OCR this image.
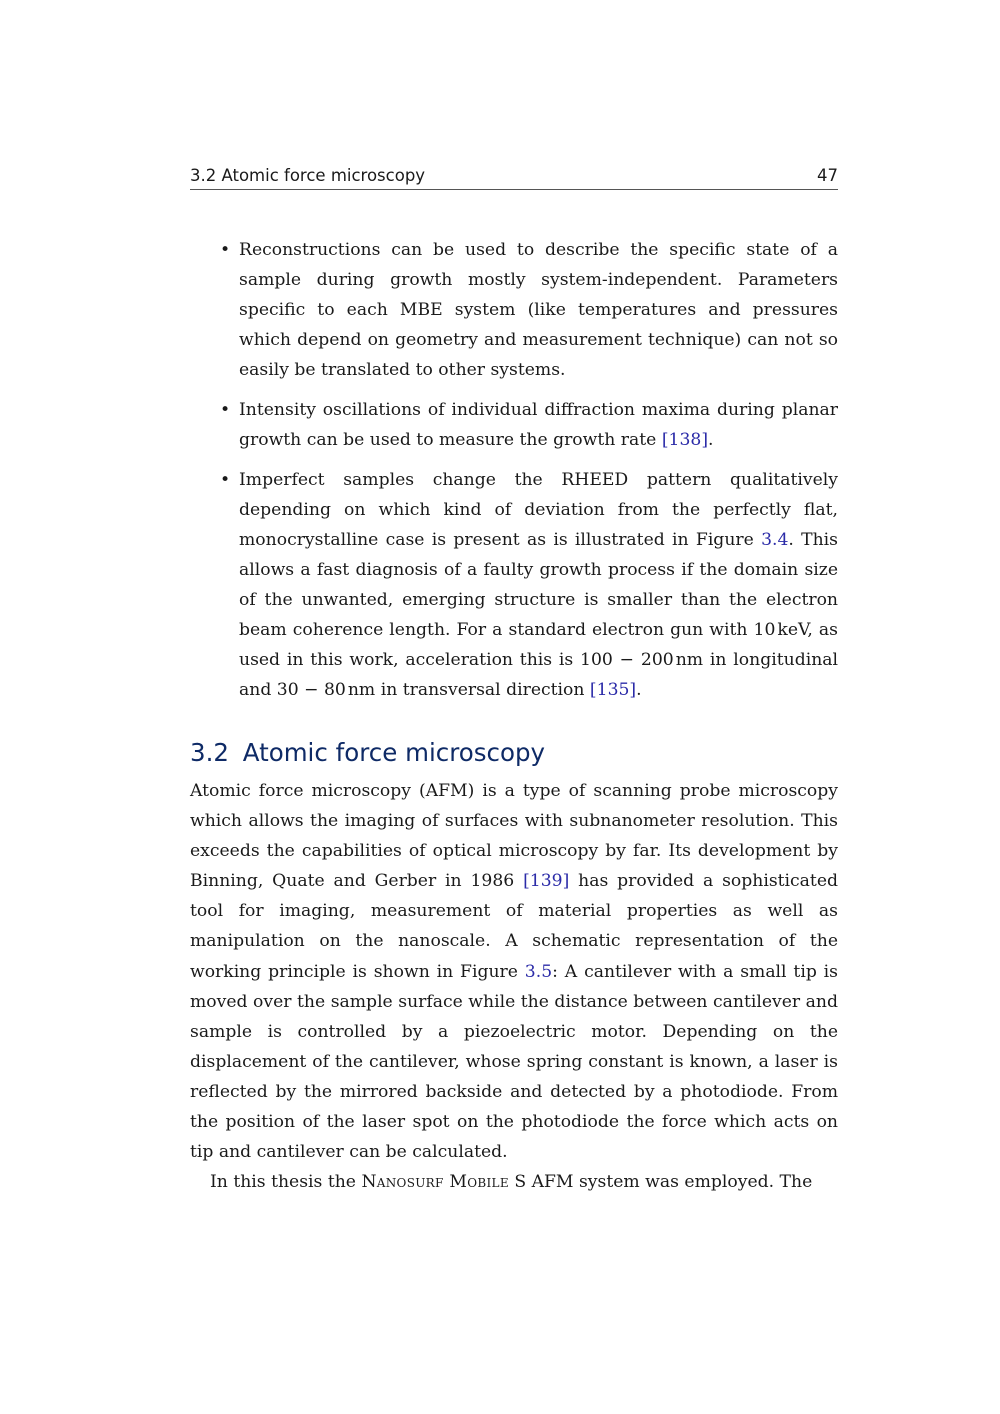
3.2 Atomic force microscopy	47
• Reconstructions can be used to describe the specific state of a sample during growth mostly system-independent. Parameters specific to each MBE system (like temperatures and pressures which depend on geometry and measurement technique) can not so easily be translated to other systems.
• Intensity oscillations of individual diffraction maxima during planar growth can be used to measure the growth rate [138].
• Imperfect samples change the RHEED pattern qualitatively depending on which kind of deviation from the perfectly flat, monocrystalline case is present as is illustrated in Figure 3.4. This allows a fast diagnosis of a faulty growth process if the domain size of the unwanted, emerging structure is smaller than the electron beam coherence length. For a standard electron gun with 10 keV, as used in this work, acceleration this is 100 − 200 nm in longitudinal and 30 − 80 nm in transversal direction [135].
3.2 Atomic force microscopy

Atomic force microscopy (AFM) is a type of scanning probe microscopy which allows the imaging of surfaces with subnanometer resolution. This exceeds the capabilities of optical microscopy by far. Its development by Binning, Quate and Gerber in 1986 [139] has provided a sophisticated tool for imaging, measurement of material properties as well as manipulation on the nanoscale. A schematic representation of the working principle is shown in Figure 3.5: A cantilever with a small tip is moved over the sample surface while the distance between cantilever and sample is controlled by a piezoelectric motor. Depending on the displacement of the cantilever, whose spring constant is known, a laser is reflected by the mirrored backside and detected by a photodiode. From the position of the laser spot on the photodiode the force which acts on tip and cantilever can be calculated.

In this thesis the Nanosurf Mobile S AFM system was employed. The
